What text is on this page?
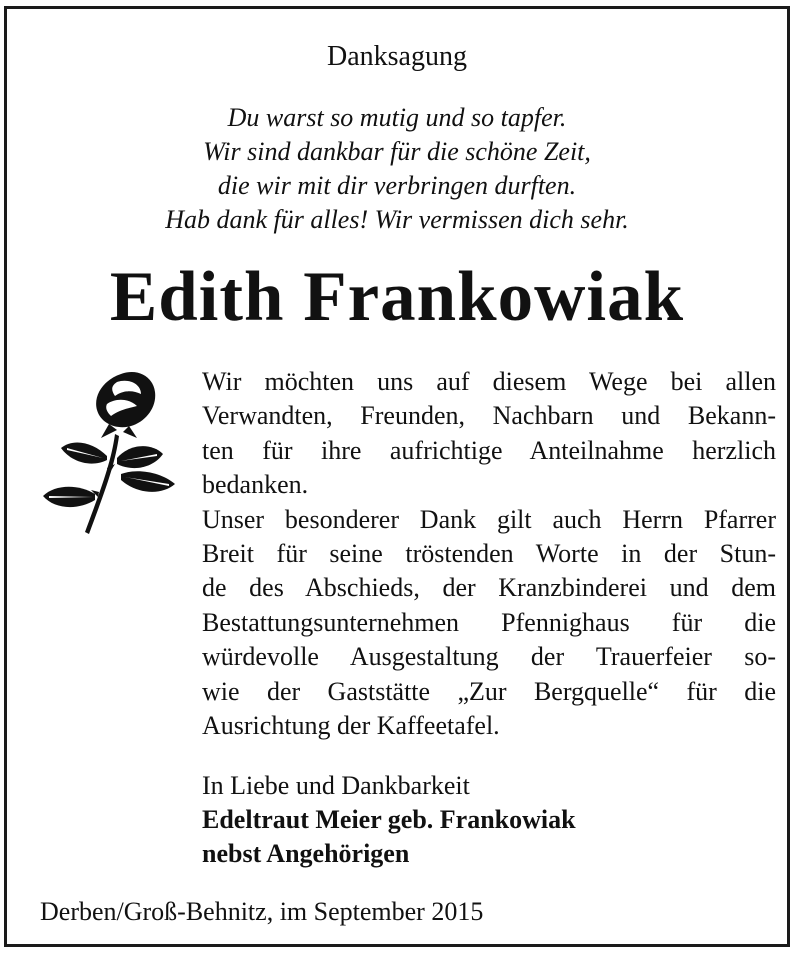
Danksagung
Du warst so mutig und so tapfer.
Wir sind dankbar für die schöne Zeit,
die wir mit dir verbringen durften.
Hab dank für alles! Wir vermissen dich sehr.
Edith Frankowiak
Wir möchten uns auf diesem Wege bei allen
Verwandten, Freunden, Nachbarn und Bekann-
ten für ihre aufrichtige Anteilnahme herzlich
bedanken.
Unser besonderer Dank gilt auch Herrn Pfarrer
Breit für seine tröstenden Worte in der Stun-
de des Abschieds, der Kranzbinderei und dem
Bestattungsunternehmen Pfennighaus für die
würdevolle Ausgestaltung der Trauerfeier so-
wie der Gaststätte „Zur Bergquelle“ für die
Ausrichtung der Kaffeetafel.
In Liebe und Dankbarkeit
Edeltraut Meier geb. Frankowiak
nebst Angehörigen
Derben/Groß-Behnitz, im September 2015
